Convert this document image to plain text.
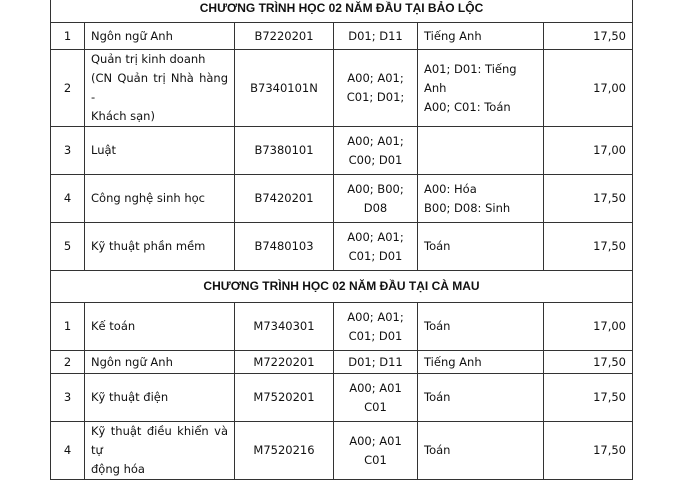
CHƯƠNG TRÌNH HỌC 02 NĂM ĐẦU TẠI BẢO LỘC					
1	Ngôn ngữ Anh	B7220201	D01; D11	Tiếng Anh	17,50
2	Quản trị kinh doanh
(CN Quản trị Nhà hàng -
Khách sạn)	B7340101N	A00; A01;
C01; D01;	A01; D01: Tiếng Anh
A00; C01: Toán	17,00
3	Luật	B7380101	A00; A01;
C00; D01		17,00
4	Công nghệ sinh học	B7420201	A00; B00;
D08	A00: Hóa
B00; D08: Sinh	17,50
5	Kỹ thuật phần mềm	B7480103	A00; A01;
C01; D01	Toán	17,50
CHƯƠNG TRÌNH HỌC 02 NĂM ĐẦU TẠI CÀ MAU					
1	Kế toán	M7340301	A00; A01;
C01; D01	Toán	17,00
2	Ngôn ngữ Anh	M7220201	D01; D11	Tiếng Anh	17,50
3	Kỹ thuật điện	M7520201	A00; A01
C01	Toán	17,50
4	Kỹ thuật điều khiển và tự
động hóa	M7520216	A00; A01
C01	Toán	17,50
